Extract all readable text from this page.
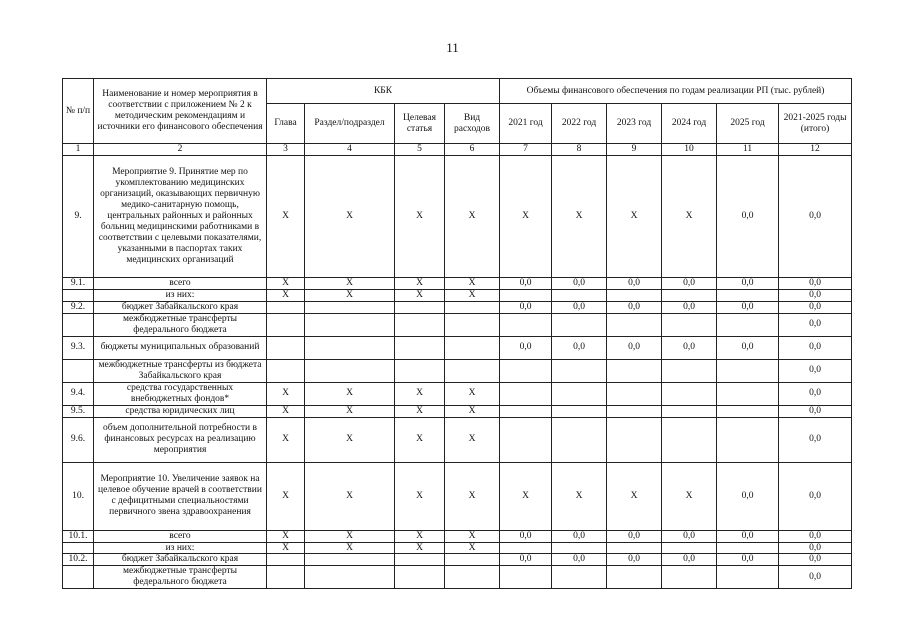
11
№ п/п	Наименование и номер мероприятия в соответствии с приложением № 2 к методическим рекомендациям и источники его финансового обеспечения	КБК				Объемы финансового обеспечения по годам реализации РП (тыс. рублей)					
		Глава	Раздел/подраздел	Целевая статья	Вид расходов	2021 год	2022 год	2023 год	2024 год	2025 год	2021-2025 годы (итого)
1	2	3	4	5	6	7	8	9	10	11	12
9.	Мероприятие 9. Принятие мер по укомплектованию медицинских организаций, оказывающих первичную медико-санитарную помощь, центральных районных и районных больниц медицинскими работниками в соответствии с целевыми показателями, указанными в паспортах таких медицинских организаций	Х	Х	Х	Х	Х	Х	Х	Х	0,0	0,0
9.1.	всего	Х	Х	Х	Х	0,0	0,0	0,0	0,0	0,0	0,0
	из них:	Х	Х	Х	Х						0,0
9.2.	бюджет Забайкальского края					0,0	0,0	0,0	0,0	0,0	0,0
	межбюджетные трансферты федерального бюджета										0,0
9.3.	бюджеты муниципальных образований					0,0	0,0	0,0	0,0	0,0	0,0
	межбюджетные трансферты из бюджета Забайкальского края										0,0
9.4.	средства государственных внебюджетных фондов*	Х	Х	Х	Х						0,0
9.5.	средства юридических лиц	Х	Х	Х	Х						0,0
9.6.	объем дополнительной потребности в финансовых ресурсах на реализацию мероприятия	Х	Х	Х	Х						0,0
10.	Мероприятие 10. Увеличение заявок на целевое обучение врачей в соответствии с дефицитными специальностями первичного звена здравоохранения	Х	Х	Х	Х	Х	Х	Х	Х	0,0	0,0
10.1.	всего	Х	Х	Х	Х	0,0	0,0	0,0	0,0	0,0	0,0
	из них:	Х	Х	Х	Х						0,0
10.2.	бюджет Забайкальского края					0,0	0,0	0,0	0,0	0,0	0,0
	межбюджетные трансферты федерального бюджета										0,0
